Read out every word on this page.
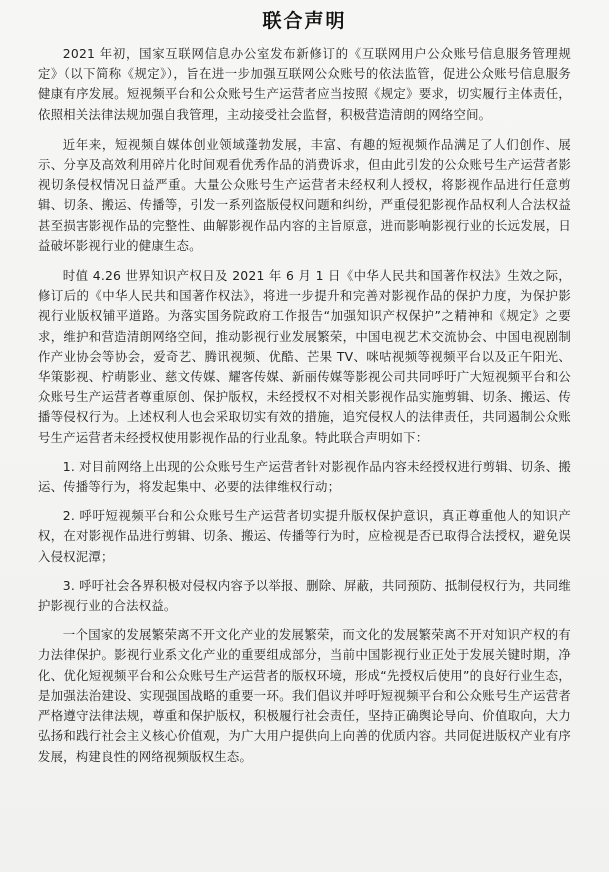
联合声明

2021 年初，国家互联网信息办公室发布新修订的《互联网用户公众账号信息服务管理规定》（以下简称《规定》），旨在进一步加强互联网公众账号的依法监管，促进公众账号信息服务健康有序发展。短视频平台和公众账号生产运营者应当按照《规定》要求，切实履行主体责任，依照相关法律法规加强自我管理，主动接受社会监督，积极营造清朗的网络空间。

近年来，短视频自媒体创业领域蓬勃发展，丰富、有趣的短视频作品满足了人们创作、展示、分享及高效利用碎片化时间观看优秀作品的消费诉求，但由此引发的公众账号生产运营者影视切条侵权情况日益严重。大量公众账号生产运营者未经权利人授权，将影视作品进行任意剪辑、切条、搬运、传播等，引发一系列盗版侵权问题和纠纷，严重侵犯影视作品权利人合法权益甚至损害影视作品的完整性、曲解影视作品内容的主旨原意，进而影响影视行业的长远发展，日益破坏影视行业的健康生态。

时值 4.26 世界知识产权日及 2021 年 6 月 1 日《中华人民共和国著作权法》生效之际，修订后的《中华人民共和国著作权法》，将进一步提升和完善对影视作品的保护力度，为保护影视行业版权铺平道路。为落实国务院政府工作报告“加强知识产权保护”之精神和《规定》之要求，维护和营造清朗网络空间，推动影视行业发展繁荣，中国电视艺术交流协会、中国电视剧制作产业协会等协会，爱奇艺、腾讯视频、优酷、芒果 TV、咪咕视频等视频平台以及正午阳光、华策影视、柠萌影业、慈文传媒、耀客传媒、新丽传媒等影视公司共同呼吁广大短视频平台和公众账号生产运营者尊重原创、保护版权，未经授权不对相关影视作品实施剪辑、切条、搬运、传播等侵权行为。上述权利人也会采取切实有效的措施，追究侵权人的法律责任，共同遏制公众账号生产运营者未经授权使用影视作品的行业乱象。特此联合声明如下：

1. 对目前网络上出现的公众账号生产运营者针对影视作品内容未经授权进行剪辑、切条、搬运、传播等行为，将发起集中、必要的法律维权行动；

2. 呼吁短视频平台和公众账号生产运营者切实提升版权保护意识，真正尊重他人的知识产权，在对影视作品进行剪辑、切条、搬运、传播等行为时，应检视是否已取得合法授权，避免误入侵权泥潭；

3. 呼吁社会各界积极对侵权内容予以举报、删除、屏蔽，共同预防、抵制侵权行为，共同维护影视行业的合法权益。

一个国家的发展繁荣离不开文化产业的发展繁荣，而文化的发展繁荣离不开对知识产权的有力法律保护。影视行业系文化产业的重要组成部分，当前中国影视行业正处于发展关键时期，净化、优化短视频平台和公众账号生产运营者的版权环境，形成“先授权后使用”的良好行业生态，是加强法治建设、实现强国战略的重要一环。我们倡议并呼吁短视频平台和公众账号生产运营者严格遵守法律法规，尊重和保护版权，积极履行社会责任，坚持正确舆论导向、价值取向，大力弘扬和践行社会主义核心价值观，为广大用户提供向上向善的优质内容。共同促进版权产业有序发展，构建良性的网络视频版权生态。
